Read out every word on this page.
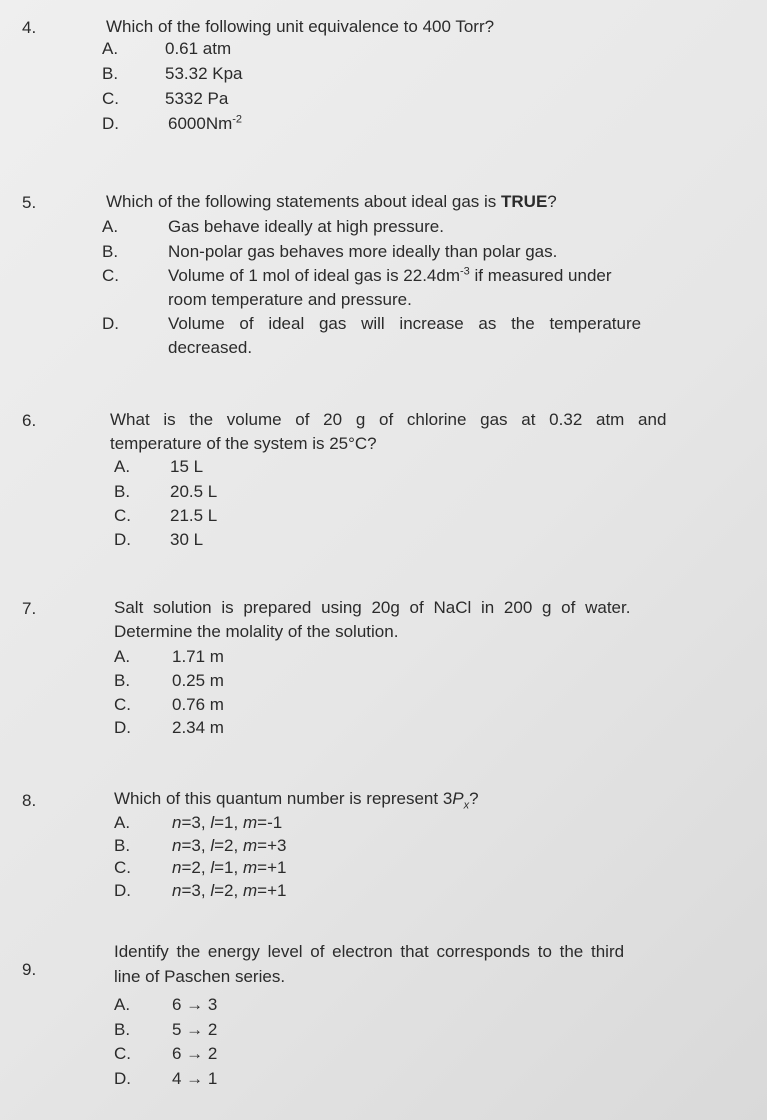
4.	Which of the following unit equivalence to 400 Torr?
A.	0.61 atm
B.	53.32 Kpa
C.	5332 Pa
D.	$6000Nm^{-2}$
5.	Which of the following statements about ideal gas is TRUE?
A.	Gas behave ideally at high pressure.
B.	Non-polar gas behaves more ideally than polar gas.
C.	Volume of 1 mol of ideal gas is $22.4dm^{-3}$ if measured under
room temperature and pressure.
D.	Volume of ideal gas will increase as the temperature
decreased.
6.	What is the volume of 20 g of chlorine gas at 0.32 atm and
temperature of the system is 25°C?
A. 15 L
B. 20.5 L
C. 21.5 L
D. 30 L
7.	Salt solution is prepared using 20g of NaCl in 200 g of water.
Determine the molality of the solution.
A. 1.71 m
B. 0.25 m
C. 0.76 m
D. 2.34 m
8.	Which of this quantum number is represent $3P_x$?
A. n=3, l=1, m=-1
B. n=3, l=2, m=+3
C. n=2, l=1, m=+1
D. n=3, l=2, m=+1
9.
Identify the energy level of electron that corresponds to the third
line of Paschen series.
A. 6 → 3
B. 5 → 2
C. 6 → 2
D. 4 → 1
